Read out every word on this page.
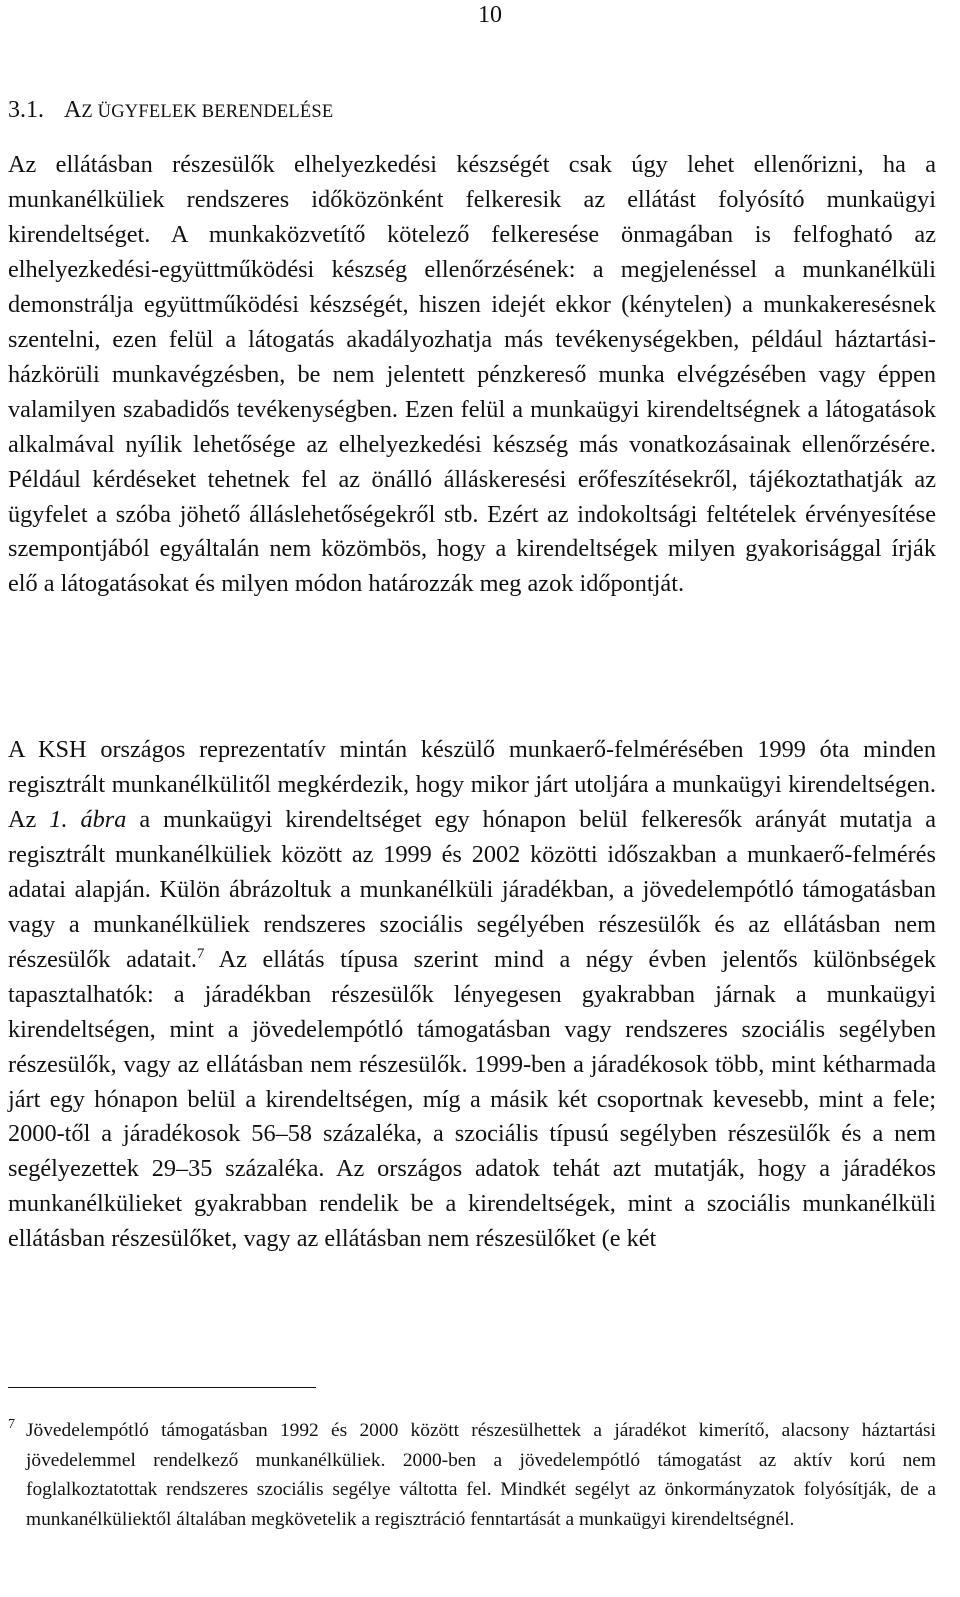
10
3.1. AZ ÜGYFELEK BERENDELÉSE

Az ellátásban részesülők elhelyezkedési készségét csak úgy lehet ellenőrizni, ha a munkanélküliek rendszeres időközönként felkeresik az ellátást folyósító munkaügyi kirendeltséget. A munkaközvetítő kötelező felkeresése önmagában is felfogható az elhelyezkedési-együttműködési készség ellenőrzésének: a megjelenéssel a munkanélküli demonstrálja együttműködési készségét, hiszen idejét ekkor (kénytelen) a munkakeresésnek szentelni, ezen felül a látogatás akadályozhatja más tevékenységekben, például háztartási-házkörüli munkavégzésben, be nem jelentett pénzkereső munka elvégzésében vagy éppen valamilyen szabadidős tevékenységben. Ezen felül a munkaügyi kirendeltségnek a látogatások alkalmával nyílik lehetősége az elhelyezkedési készség más vonatkozásainak ellenőrzésére. Például kérdéseket tehetnek fel az önálló álláskeresési erőfeszítésekről, tájékoztathatják az ügyfelet a szóba jöhető álláslehetőségekről stb. Ezért az indokoltsági feltételek érvényesítése szempontjából egyáltalán nem közömbös, hogy a kirendeltségek milyen gyakorisággal írják elő a látogatásokat és milyen módon határozzák meg azok időpontját.

A KSH országos reprezentatív mintán készülő munkaerő-felmérésében 1999 óta minden regisztrált munkanélkülitől megkérdezik, hogy mikor járt utoljára a munkaügyi kirendeltségen. Az 1. ábra a munkaügyi kirendeltséget egy hónapon belül felkeresők arányát mutatja a regisztrált munkanélküliek között az 1999 és 2002 közötti időszakban a munkaerő-felmérés adatai alapján. Külön ábrázoltuk a munkanélküli járadékban, a jövedelempótló támogatásban vagy a munkanélküliek rendszeres szociális segélyében részesülők és az ellátásban nem részesülők adatait.$^7$ Az ellátás típusa szerint mind a négy évben jelentős különbségek tapasztalhatók: a járadékban részesülők lényegesen gyakrabban járnak a munkaügyi kirendeltségen, mint a jövedelempótló támogatásban vagy rendszeres szociális segélyben részesülők, vagy az ellátásban nem részesülők. 1999-ben a járadékosok több, mint kétharmada járt egy hónapon belül a kirendeltségen, míg a másik két csoportnak kevesebb, mint a fele; 2000-től a járadékosok 56–58 százaléka, a szociális típusú segélyben részesülők és a nem segélyezettek 29–35 százaléka. Az országos adatok tehát azt mutatják, hogy a járadékos munkanélkülieket gyakrabban rendelik be a kirendeltségek, mint a szociális munkanélküli ellátásban részesülőket, vagy az ellátásban nem részesülőket (e két

7 Jövedelempótló támogatásban 1992 és 2000 között részesülhettek a járadékot kimerítő, alacsony háztartási jövedelemmel rendelkező munkanélküliek. 2000-ben a jövedelempótló támogatást az aktív korú nem foglalkoztatottak rendszeres szociális segélye váltotta fel. Mindkét segélyt az önkormányzatok folyósítják, de a munkanélküliektől általában megkövetelik a regisztráció fenntartását a munkaügyi kirendeltségnél.
